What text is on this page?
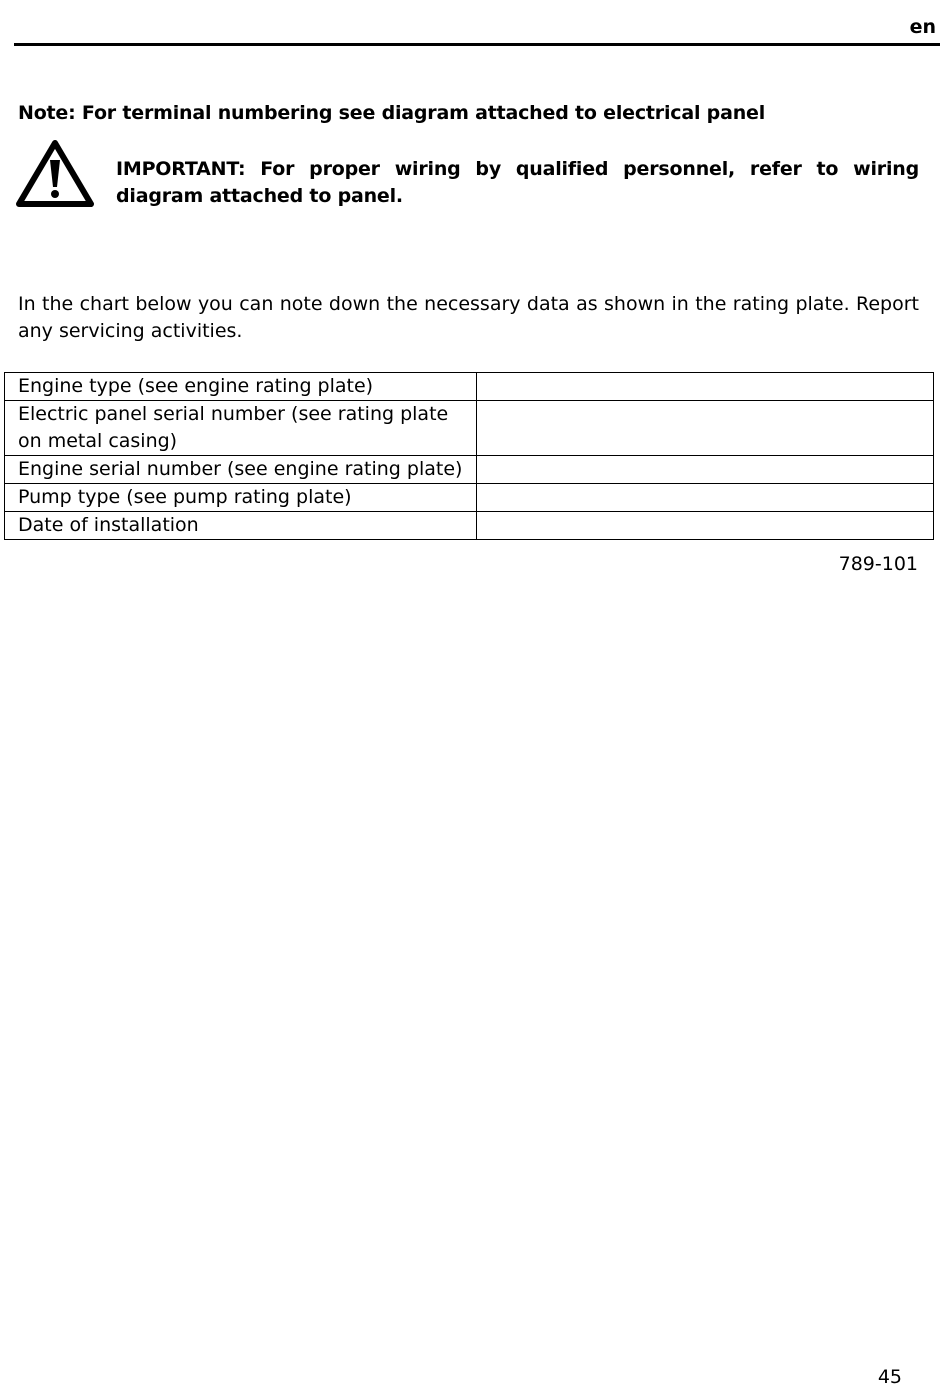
en
Note: For terminal numbering see diagram attached to electrical panel
IMPORTANT: For proper wiring by qualified personnel, refer to wiring diagram attached to panel.
In the chart below you can note down the necessary data as shown in the rating plate. Report any servicing activities.
Engine type (see engine rating plate)	
Electric panel serial number (see rating plate on metal casing)	
Engine serial number (see engine rating plate)	
Pump type (see pump rating plate)	
Date of installation	
789-101
45
